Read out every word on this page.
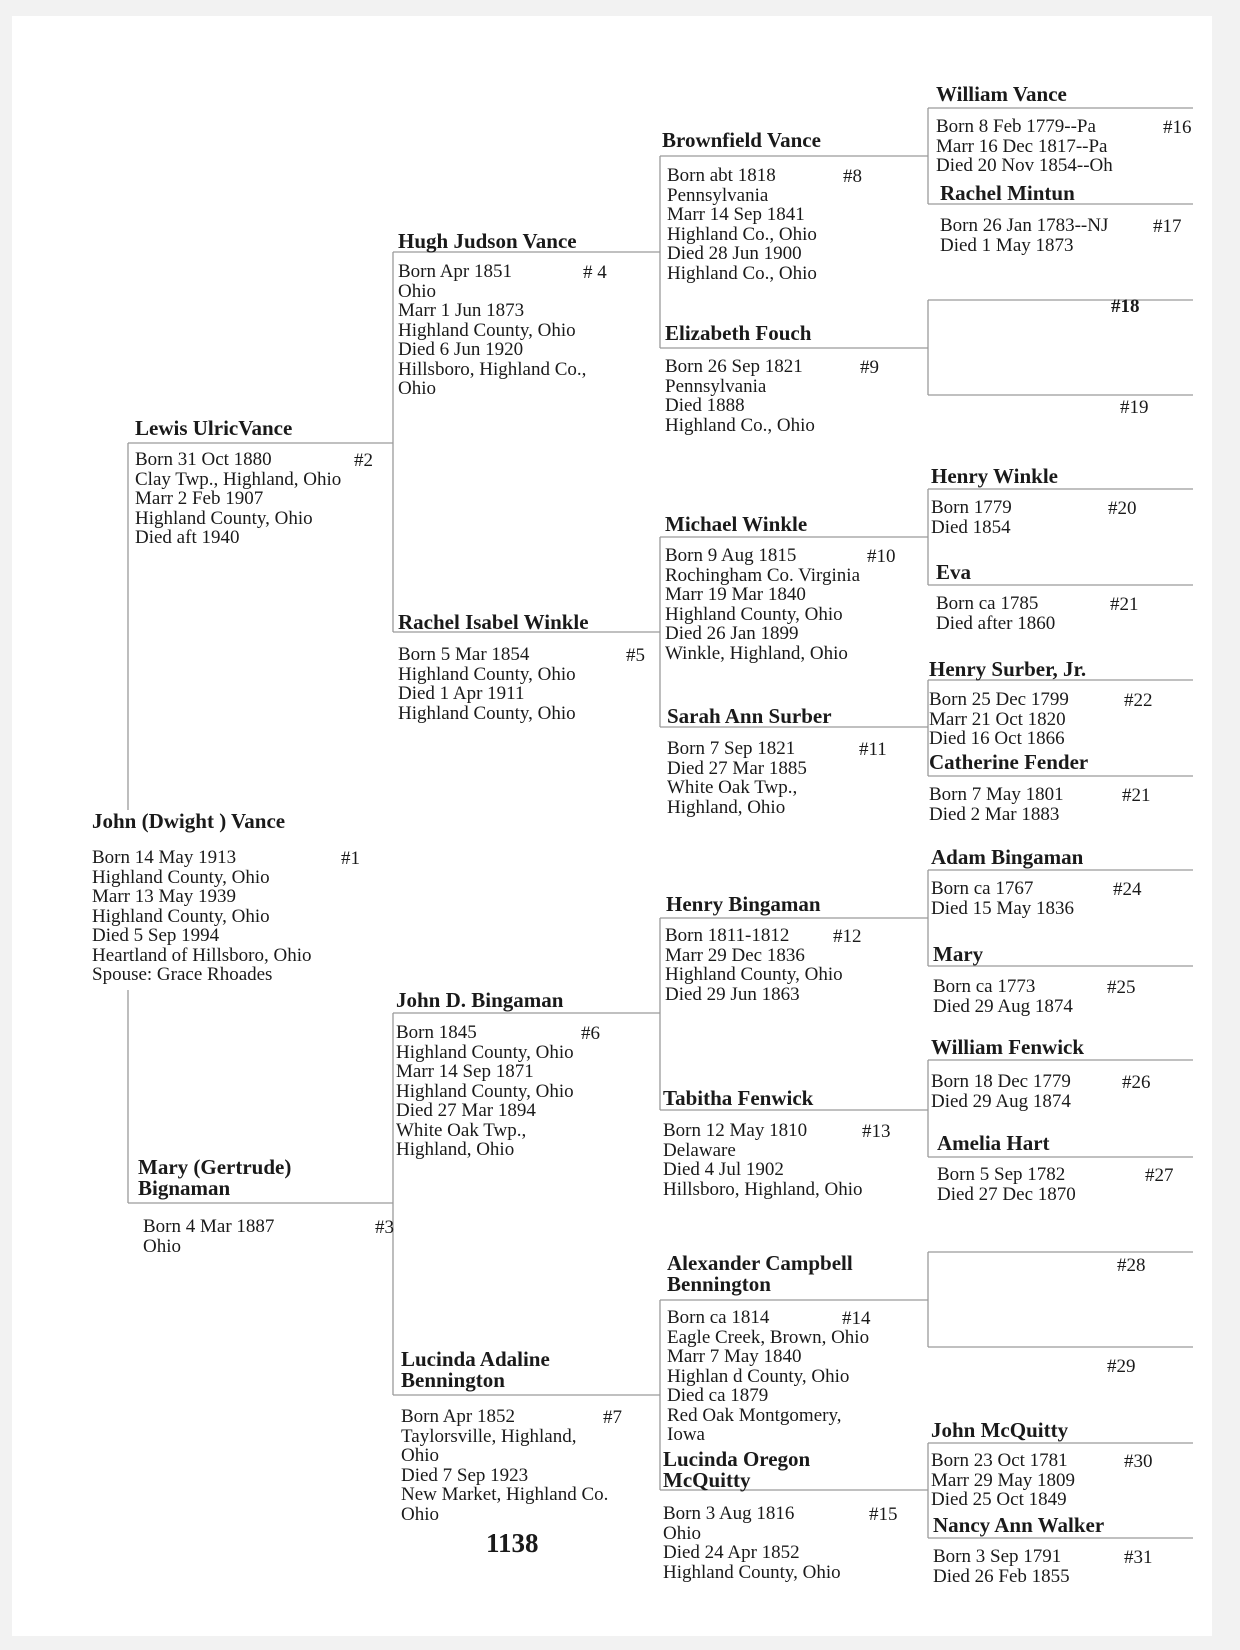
John (Dwight ) Vance
Born 14 May 1913
Highland County, Ohio
Marr 13 May 1939
Highland County, Ohio
Died 5 Sep 1994
Heartland of Hillsboro, Ohio
Spouse: Grace Rhoades
#1
Lewis UlricVance
Born 31 Oct 1880
Clay Twp., Highland, Ohio
Marr 2 Feb 1907
Highland County, Ohio
Died aft 1940
#2
Mary (Gertrude)
Bignaman
Born 4 Mar 1887
Ohio
#3
Hugh Judson Vance
Born Apr 1851
Ohio
Marr 1 Jun 1873
Highland County, Ohio
Died 6 Jun 1920
Hillsboro, Highland Co.,
Ohio
# 4
Rachel Isabel Winkle
Born 5 Mar 1854
Highland County, Ohio
Died 1 Apr 1911
Highland County, Ohio
#5
John D. Bingaman
Born 1845
Highland County, Ohio
Marr 14 Sep 1871
Highland County, Ohio
Died 27 Mar 1894
White Oak Twp.,
Highland, Ohio
#6
Lucinda Adaline
Bennington
Born Apr 1852
Taylorsville, Highland,
Ohio
Died 7 Sep 1923
New Market, Highland Co.
Ohio
#7
Brownfield Vance
Born abt 1818
Pennsylvania
Marr 14 Sep 1841
Highland Co., Ohio
Died 28 Jun 1900
Highland Co., Ohio
#8
Elizabeth Fouch
Born 26 Sep 1821
Pennsylvania
Died 1888
Highland Co., Ohio
#9
Michael Winkle
Born 9 Aug 1815
Rochingham Co. Virginia
Marr 19 Mar 1840
Highland County, Ohio
Died 26 Jan 1899
Winkle, Highland, Ohio
#10
Sarah Ann Surber
Born 7 Sep 1821
Died 27 Mar 1885
White Oak Twp.,
Highland, Ohio
#11
Henry Bingaman
Born 1811-1812
Marr 29 Dec 1836
Highland County, Ohio
Died 29 Jun 1863
#12
Tabitha Fenwick
Born 12 May 1810
Delaware
Died 4 Jul 1902
Hillsboro, Highland, Ohio
#13
Alexander Campbell
Bennington
Born ca 1814
Eagle Creek, Brown, Ohio
Marr 7 May 1840
Highlan d County, Ohio
Died ca 1879
Red Oak Montgomery,
Iowa
#14
Lucinda Oregon
McQuitty
Born 3 Aug 1816
Ohio
Died 24 Apr 1852
Highland County, Ohio
#15
William Vance
Born 8 Feb 1779--Pa
Marr 16 Dec 1817--Pa
Died 20 Nov 1854--Oh
#16
Rachel Mintun
Born 26 Jan 1783--NJ
Died 1 May 1873
#17
#18
#19
Henry Winkle
Born 1779
Died 1854
#20
Eva
Born ca 1785
Died after 1860
#21
Henry Surber, Jr.
Born 25 Dec 1799
Marr 21 Oct 1820
Died 16 Oct 1866
#22
Catherine Fender
Born 7 May 1801
Died 2 Mar 1883
#21
Adam Bingaman
Born ca 1767
Died 15 May 1836
#24
Mary
Born ca 1773
Died 29 Aug 1874
#25
William Fenwick
Born 18 Dec 1779
Died 29 Aug 1874
#26
Amelia Hart
Born 5 Sep 1782
Died 27 Dec 1870
#27
#28
#29
John McQuitty
Born 23 Oct 1781
Marr 29 May 1809
Died 25 Oct 1849
#30
Nancy Ann Walker
Born 3 Sep 1791
Died 26 Feb 1855
#31
1138
